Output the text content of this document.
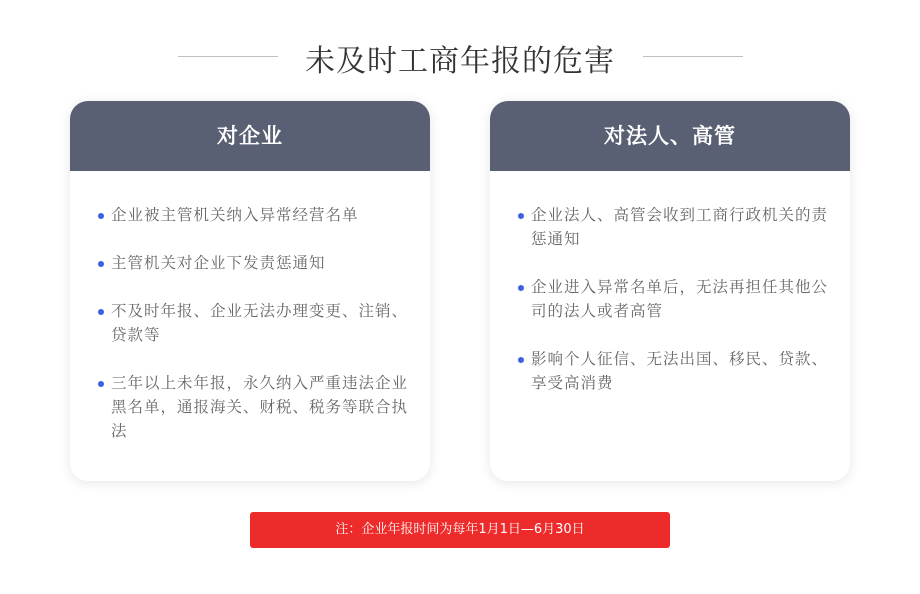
未及时工商年报的危害
对企业
企业被主管机关纳入异常经营名单
主管机关对企业下发责惩通知
不及时年报、企业无法办理变更、注销、贷款等
三年以上未年报，永久纳入严重违法企业黑名单，通报海关、财税、税务等联合执法
对法人、高管
企业法人、高管会收到工商行政机关的责惩通知
企业进入异常名单后，无法再担任其他公司的法人或者高管
影响个人征信、无法出国、移民、贷款、享受高消费
注：企业年报时间为每年1月1日—6月30日
